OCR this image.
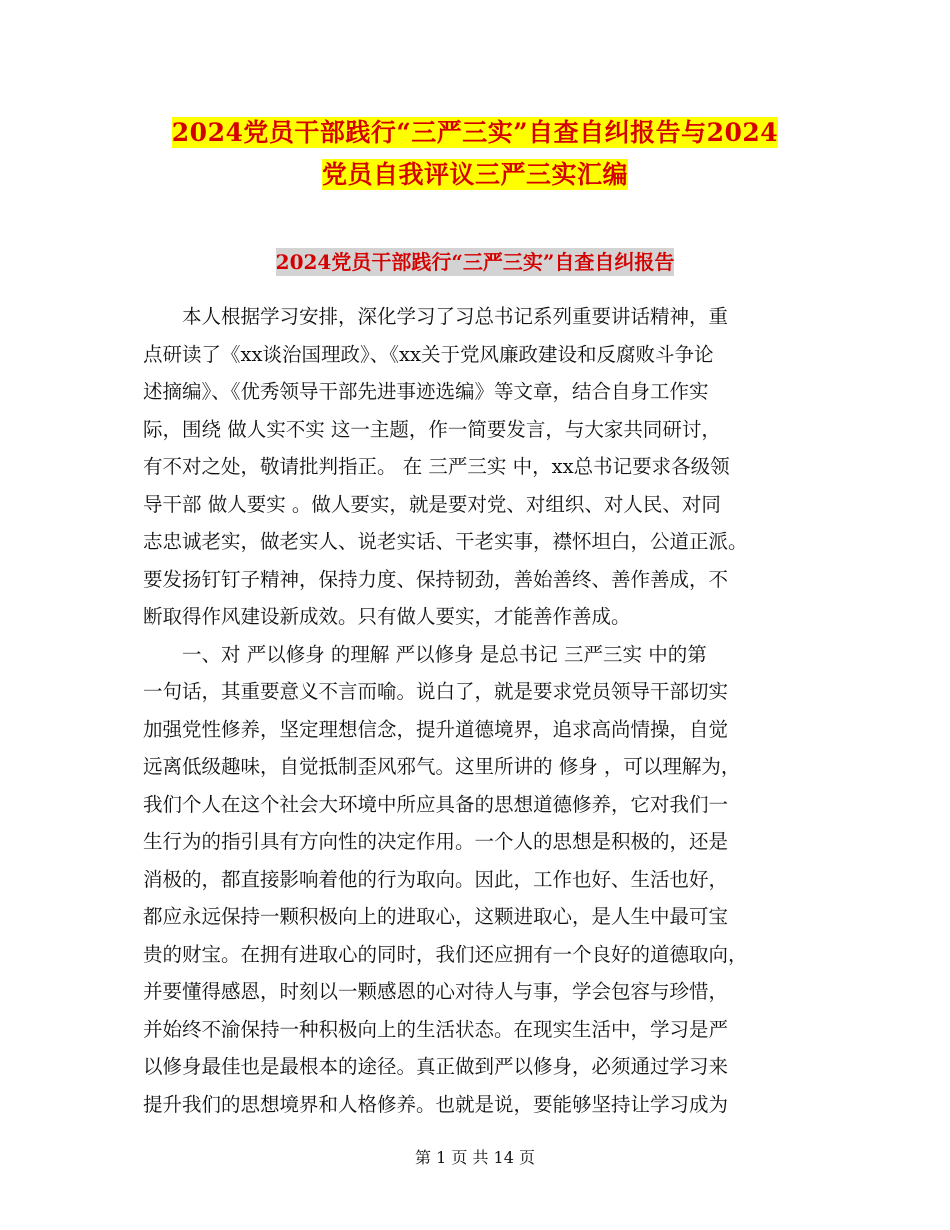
2024党员干部践行“三严三实”自查自纠报告与2024
党员自我评议三严三实汇编
2024党员干部践行“三严三实”自查自纠报告
　　本人根据学习安排，深化学习了习总书记系列重要讲话精神，重
点研读了《xx谈治国理政》、《xx关于党风廉政建设和反腐败斗争论
述摘编》、《优秀领导干部先进事迹选编》等文章，结合自身工作实
际，围绕 做人实不实 这一主题，作一简要发言，与大家共同研讨，
有不对之处，敬请批判指正。 在 三严三实 中，xx总书记要求各级领
导干部 做人要实 。做人要实，就是要对党、对组织、对人民、对同
志忠诚老实，做老实人、说老实话、干老实事，襟怀坦白，公道正派。
要发扬钉钉子精神，保持力度、保持韧劲，善始善终、善作善成，不
断取得作风建设新成效。只有做人要实，才能善作善成。
　　一、对 严以修身 的理解 严以修身 是总书记 三严三实 中的第
一句话，其重要意义不言而喻。说白了，就是要求党员领导干部切实
加强党性修养，坚定理想信念，提升道德境界，追求高尚情操，自觉
远离低级趣味，自觉抵制歪风邪气。这里所讲的 修身 ，可以理解为，
我们个人在这个社会大环境中所应具备的思想道德修养，它对我们一
生行为的指引具有方向性的决定作用。一个人的思想是积极的，还是
消极的，都直接影响着他的行为取向。因此，工作也好、生活也好，
都应永远保持一颗积极向上的进取心，这颗进取心，是人生中最可宝
贵的财宝。在拥有进取心的同时，我们还应拥有一个良好的道德取向，
并要懂得感恩，时刻以一颗感恩的心对待人与事，学会包容与珍惜，
并始终不渝保持一种积极向上的生活状态。在现实生活中，学习是严
以修身最佳也是最根本的途径。真正做到严以修身，必须通过学习来
提升我们的思想境界和人格修养。也就是说，要能够坚持让学习成为
第 1 页 共 14 页
